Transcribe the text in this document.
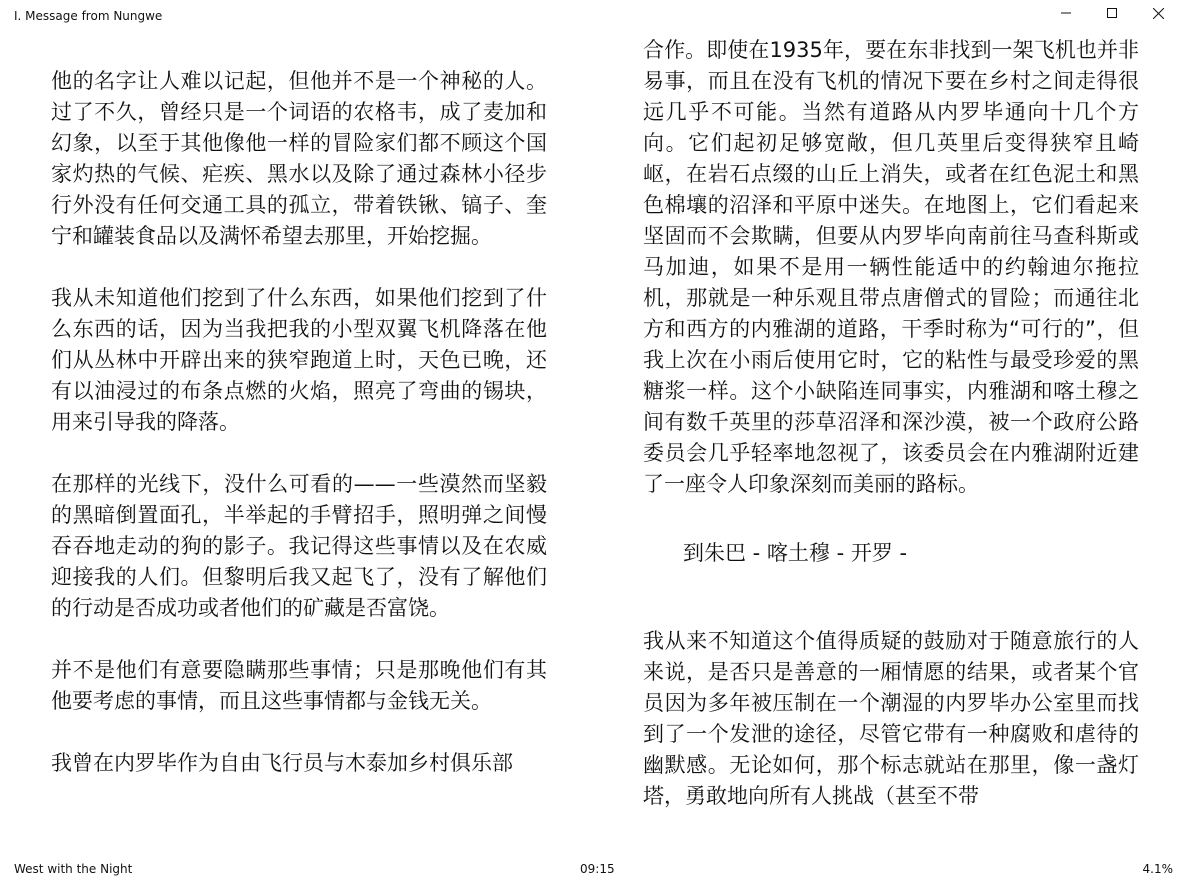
I. Message from Nungwe

他的名字让人难以记起，但他并不是一个神秘的人。过了不久，曾经只是一个词语的农格韦，成了麦加和幻象，以至于其他像他一样的冒险家们都不顾这个国家灼热的气候、疟疾、黑水以及除了通过森林小径步行外没有任何交通工具的孤立，带着铁锹、镐子、奎宁和罐装食品以及满怀希望去那里，开始挖掘。

我从未知道他们挖到了什么东西，如果他们挖到了什么东西的话，因为当我把我的小型双翼飞机降落在他们从丛林中开辟出来的狭窄跑道上时，天色已晚，还有以油浸过的布条点燃的火焰，照亮了弯曲的锡块，用来引导我的降落。

在那样的光线下，没什么可看的——一些漠然而坚毅的黑暗倒置面孔，半举起的手臂招手，照明弹之间慢吞吞地走动的狗的影子。我记得这些事情以及在农威迎接我的人们。但黎明后我又起飞了，没有了解他们的行动是否成功或者他们的矿藏是否富饶。

并不是他们有意要隐瞒那些事情；只是那晚他们有其他要考虑的事情，而且这些事情都与金钱无关。

我曾在内罗毕作为自由飞行员与木泰加乡村俱乐部

合作。即使在1935年，要在东非找到一架飞机也并非易事，而且在没有飞机的情况下要在乡村之间走得很远几乎不可能。当然有道路从内罗毕通向十几个方向。它们起初足够宽敞，但几英里后变得狭窄且崎岖，在岩石点缀的山丘上消失，或者在红色泥土和黑色棉壤的沼泽和平原中迷失。在地图上，它们看起来坚固而不会欺瞒，但要从内罗毕向南前往马查科斯或马加迪，如果不是用一辆性能适中的约翰迪尔拖拉机，那就是一种乐观且带点唐僧式的冒险；而通往北方和西方的内雅湖的道路，干季时称为“可行的”，但我上次在小雨后使用它时，它的粘性与最受珍爱的黑糖浆一样。这个小缺陷连同事实，内雅湖和喀土穆之间有数千英里的莎草沼泽和深沙漠，被一个政府公路委员会几乎轻率地忽视了，该委员会在内雅湖附近建了一座令人印象深刻而美丽的路标。

到朱巴 - 喀土穆 - 开罗 -

我从来不知道这个值得质疑的鼓励对于随意旅行的人来说，是否只是善意的一厢情愿的结果，或者某个官员因为多年被压制在一个潮湿的内罗毕办公室里而找到了一个发泄的途径，尽管它带有一种腐败和虐待的幽默感。无论如何，那个标志就站在那里，像一盏灯塔，勇敢地向所有人挑战（甚至不带

West with the Night	09:15	4.1%
